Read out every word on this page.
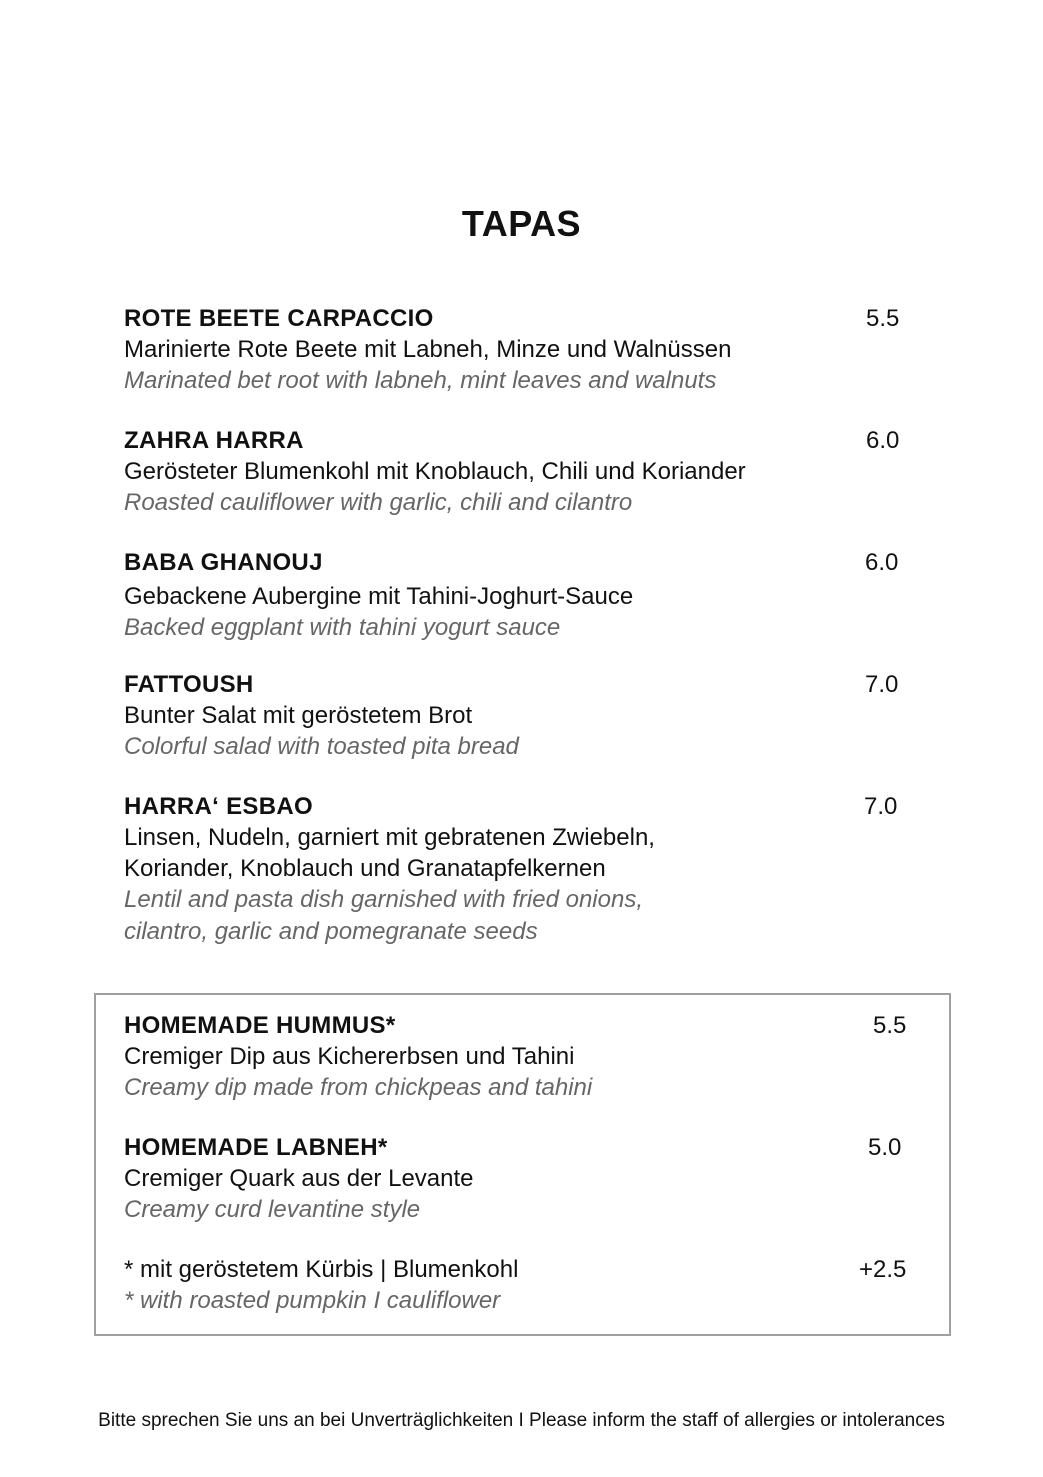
TAPAS
ROTE BEETE CARPACCIO	5.5
Marinierte Rote Beete mit Labneh, Minze und Walnüssen
Marinated bet root with labneh, mint leaves and walnuts
ZAHRA HARRA	6.0
Gerösteter Blumenkohl mit Knoblauch, Chili und Koriander
Roasted cauliflower with garlic, chili and cilantro
BABA GHANOUJ	6.0
Gebackene Aubergine mit Tahini-Joghurt-Sauce
Backed eggplant with tahini yogurt sauce
FATTOUSH	7.0
Bunter Salat mit geröstetem Brot
Colorful salad with toasted pita bread
HARRA‘ ESBAO	7.0
Linsen, Nudeln, garniert mit gebratenen Zwiebeln,
Koriander, Knoblauch und Granatapfelkernen
Lentil and pasta dish garnished with fried onions,
cilantro, garlic and pomegranate seeds
HOMEMADE HUMMUS*	5.5
Cremiger Dip aus Kichererbsen und Tahini
Creamy dip made from chickpeas and tahini
HOMEMADE LABNEH*	5.0
Cremiger Quark aus der Levante
Creamy curd levantine style
* mit geröstetem Kürbis | Blumenkohl	+2.5
* with roasted pumpkin I cauliflower
Bitte sprechen Sie uns an bei Unverträglichkeiten I Please inform the staff of allergies or intolerances
